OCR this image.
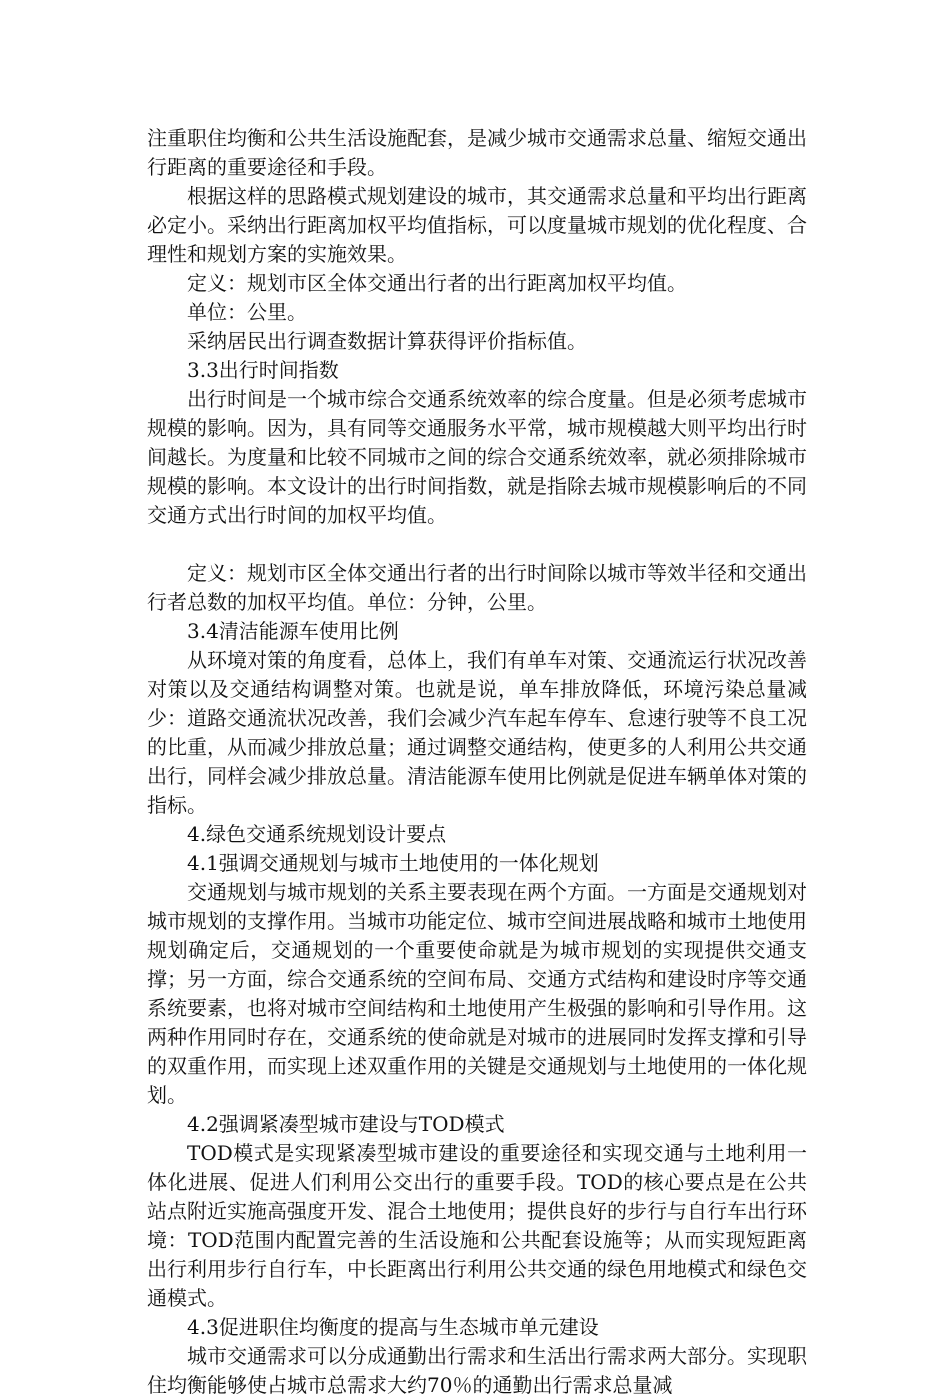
注重职住均衡和公共生活设施配套，是减少城市交通需求总量、缩短交通出行距离的重要途径和手段。

根据这样的思路模式规划建设的城市，其交通需求总量和平均出行距离必定小。采纳出行距离加权平均值指标，可以度量城市规划的优化程度、合理性和规划方案的实施效果。

定义：规划市区全体交通出行者的出行距离加权平均值。

单位：公里。

采纳居民出行调查数据计算获得评价指标值。

3.3出行时间指数

出行时间是一个城市综合交通系统效率的综合度量。但是必须考虑城市规模的影响。因为，具有同等交通服务水平常，城市规模越大则平均出行时间越长。为度量和比较不同城市之间的综合交通系统效率，就必须排除城市规模的影响。本文设计的出行时间指数，就是指除去城市规模影响后的不同交通方式出行时间的加权平均值。

定义：规划市区全体交通出行者的出行时间除以城市等效半径和交通出行者总数的加权平均值。单位：分钟，公里。

3.4清洁能源车使用比例

从环境对策的角度看，总体上，我们有单车对策、交通流运行状况改善对策以及交通结构调整对策。也就是说，单车排放降低，环境污染总量减少：道路交通流状况改善，我们会减少汽车起车停车、怠速行驶等不良工况的比重，从而减少排放总量；通过调整交通结构，使更多的人利用公共交通出行，同样会减少排放总量。清洁能源车使用比例就是促进车辆单体对策的指标。

4.绿色交通系统规划设计要点

4.1强调交通规划与城市土地使用的一体化规划

交通规划与城市规划的关系主要表现在两个方面。一方面是交通规划对城市规划的支撑作用。当城市功能定位、城市空间进展战略和城市土地使用规划确定后，交通规划的一个重要使命就是为城市规划的实现提供交通支撑；另一方面，综合交通系统的空间布局、交通方式结构和建设时序等交通系统要素，也将对城市空间结构和土地使用产生极强的影响和引导作用。这两种作用同时存在，交通系统的使命就是对城市的进展同时发挥支撑和引导的双重作用，而实现上述双重作用的关键是交通规划与土地使用的一体化规划。

4.2强调紧凑型城市建设与TOD模式

TOD模式是实现紧凑型城市建设的重要途径和实现交通与土地利用一体化进展、促进人们利用公交出行的重要手段。TOD的核心要点是在公共站点附近实施高强度开发、混合土地使用；提供良好的步行与自行车出行环境：TOD范围内配置完善的生活设施和公共配套设施等；从而实现短距离出行利用步行自行车，中长距离出行利用公共交通的绿色用地模式和绿色交通模式。

4.3促进职住均衡度的提高与生态城市单元建设

城市交通需求可以分成通勤出行需求和生活出行需求两大部分。实现职住均衡能够使占城市总需求大约70％的通勤出行需求总量减
